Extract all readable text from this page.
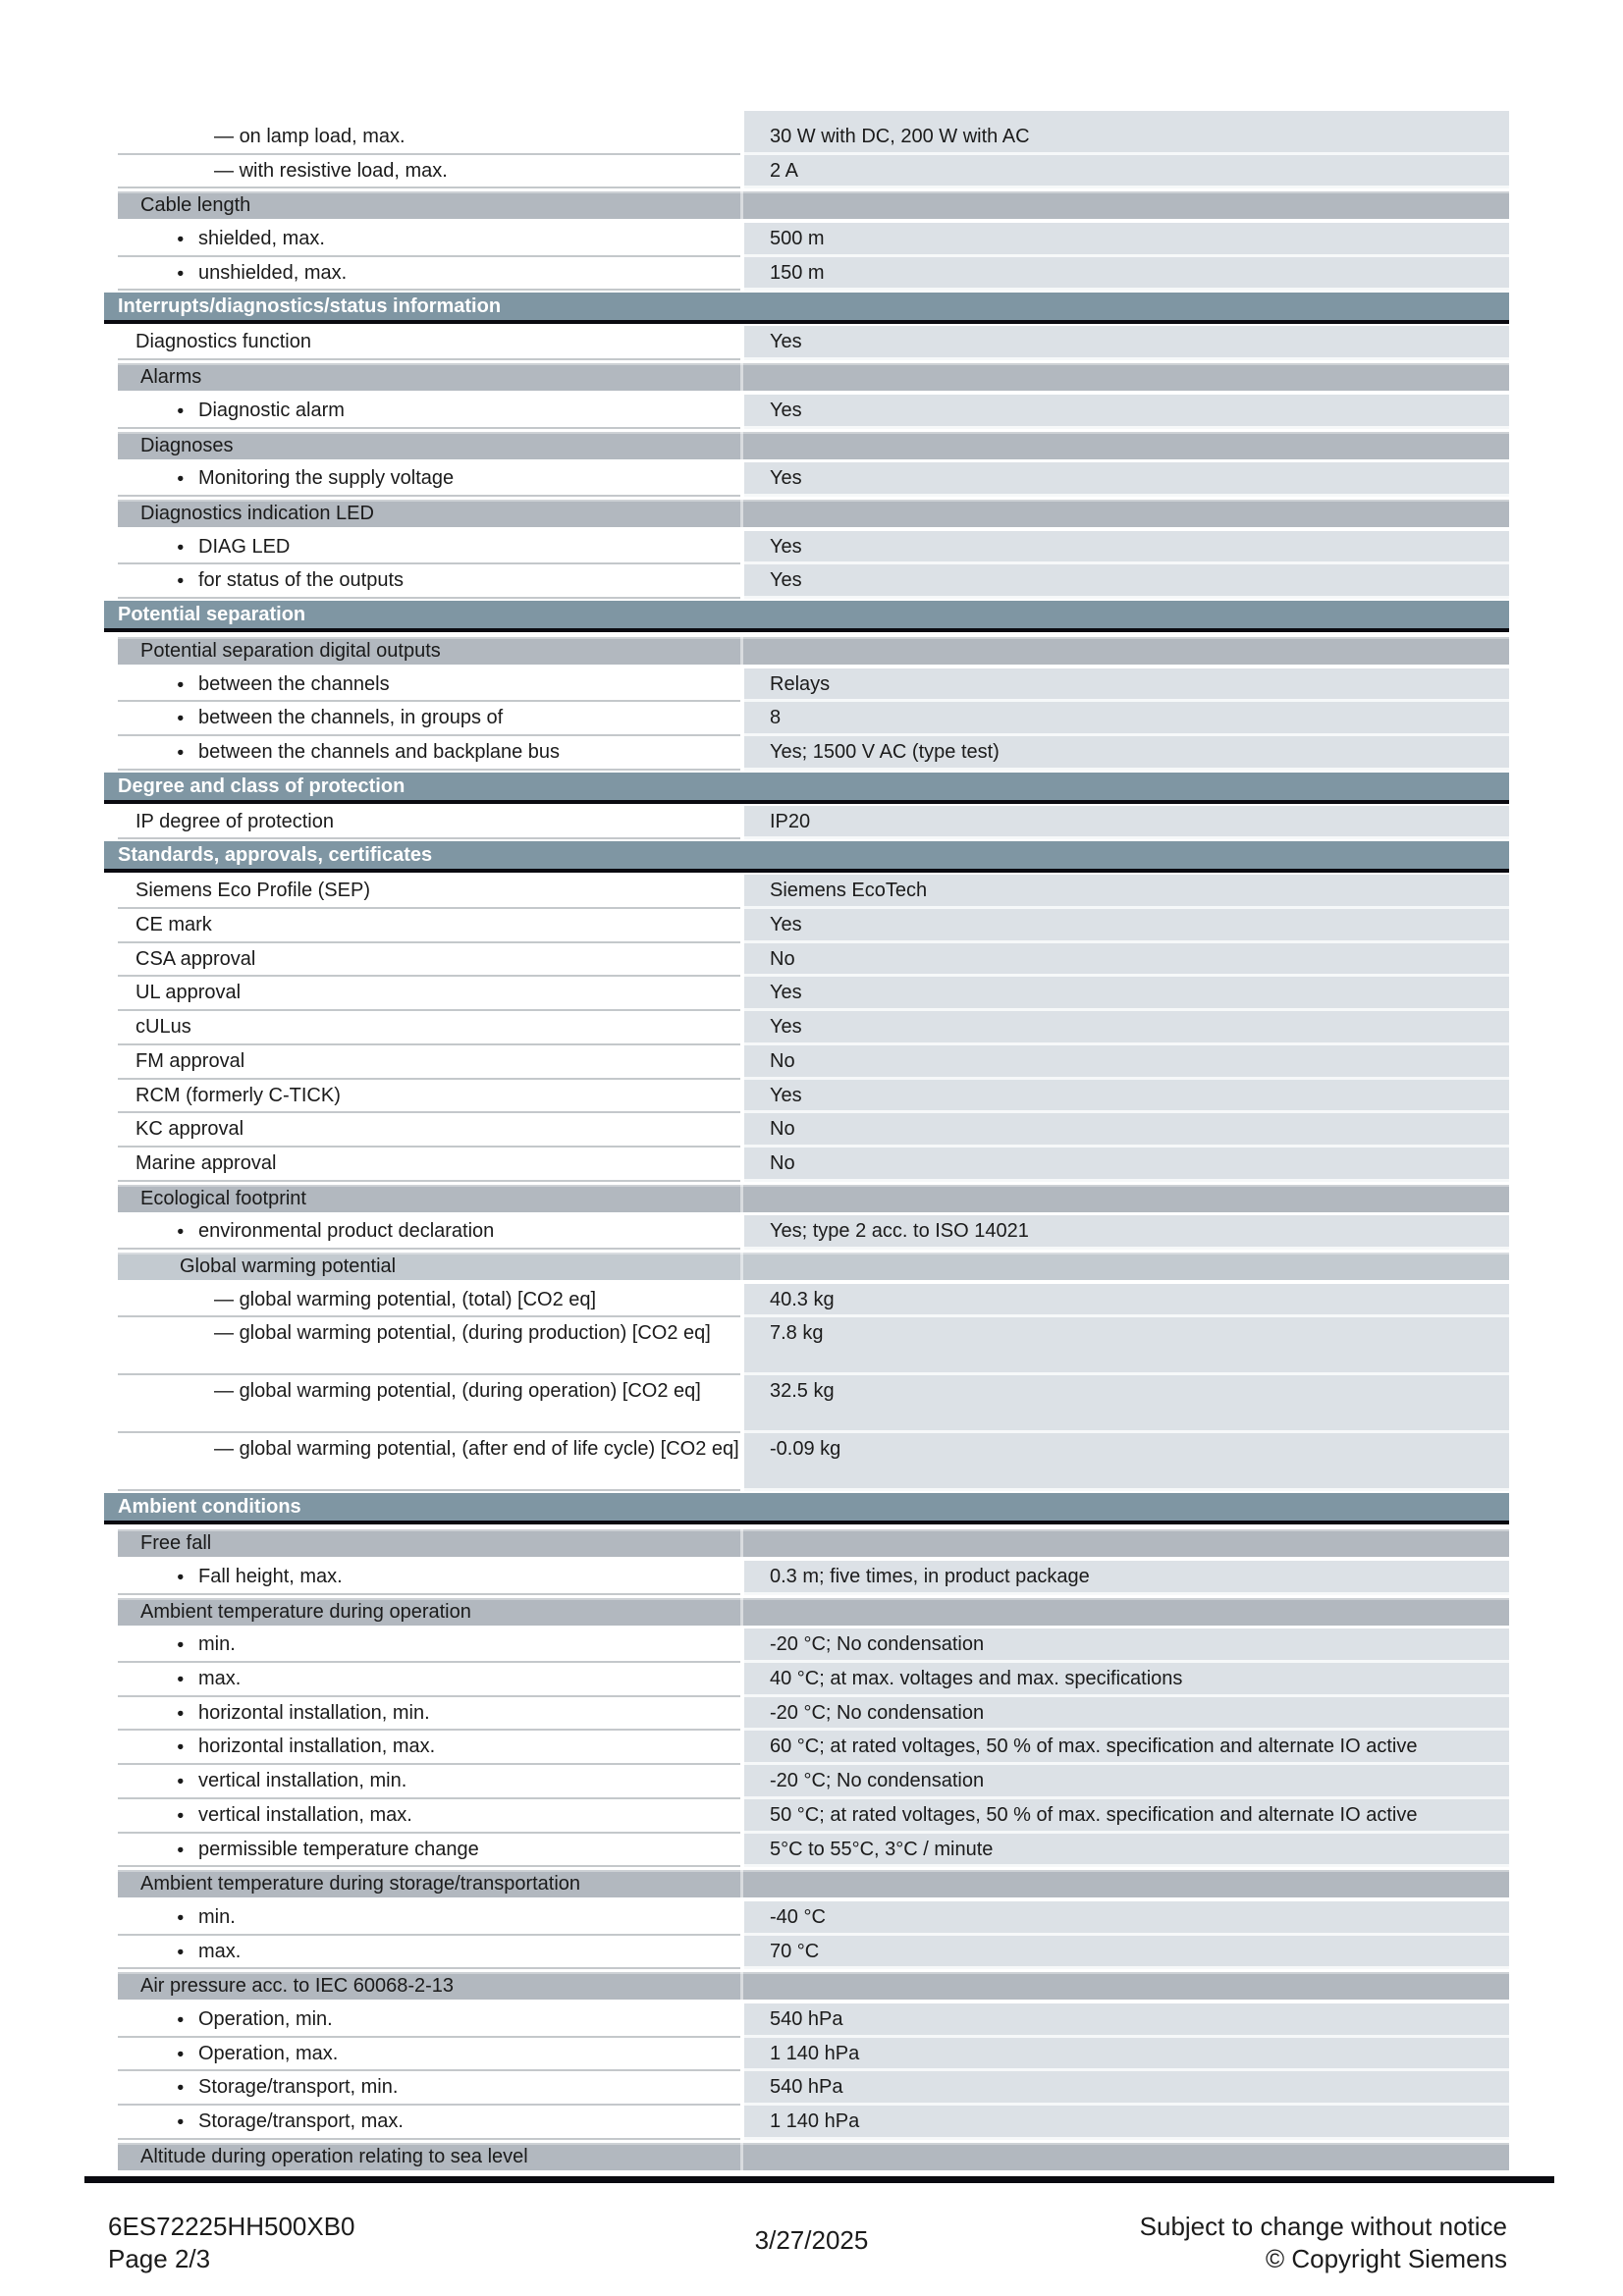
— on lamp load, max.	30 W with DC, 200 W with AC
— with resistive load, max.	2 A
Cable length
● shielded, max.	500 m
● unshielded, max.	150 m
Interrupts/diagnostics/status information
Diagnostics function	Yes
Alarms
● Diagnostic alarm	Yes
Diagnoses
● Monitoring the supply voltage	Yes
Diagnostics indication LED
● DIAG LED	Yes
● for status of the outputs	Yes
Potential separation
Potential separation digital outputs
● between the channels	Relays
● between the channels, in groups of	8
● between the channels and backplane bus	Yes; 1500 V AC (type test)
Degree and class of protection
IP degree of protection	IP20
Standards, approvals, certificates
Siemens Eco Profile (SEP)	Siemens EcoTech
CE mark	Yes
CSA approval	No
UL approval	Yes
cULus	Yes
FM approval	No
RCM (formerly C-TICK)	Yes
KC approval	No
Marine approval	No
Ecological footprint
● environmental product declaration	Yes; type 2 acc. to ISO 14021
Global warming potential
— global warming potential, (total) [CO2 eq]	40.3 kg
— global warming potential, (during production) [CO2 eq]	7.8 kg
— global warming potential, (during operation) [CO2 eq]	32.5 kg
— global warming potential, (after end of life cycle) [CO2 eq]	-0.09 kg
Ambient conditions
Free fall
● Fall height, max.	0.3 m; five times, in product package
Ambient temperature during operation
● min.	-20 °C; No condensation
● max.	40 °C; at max. voltages and max. specifications
● horizontal installation, min.	-20 °C; No condensation
● horizontal installation, max.	60 °C; at rated voltages, 50 % of max. specification and alternate IO active
● vertical installation, min.	-20 °C; No condensation
● vertical installation, max.	50 °C; at rated voltages, 50 % of max. specification and alternate IO active
● permissible temperature change	5°C to 55°C, 3°C / minute
Ambient temperature during storage/transportation
● min.	-40 °C
● max.	70 °C
Air pressure acc. to IEC 60068-2-13
● Operation, min.	540 hPa
● Operation, max.	1 140 hPa
● Storage/transport, min.	540 hPa
● Storage/transport, max.	1 140 hPa
Altitude during operation relating to sea level
6ES72225HH500XB0
Page 2/3
3/27/2025	Subject to change without notice
© Copyright Siemens
